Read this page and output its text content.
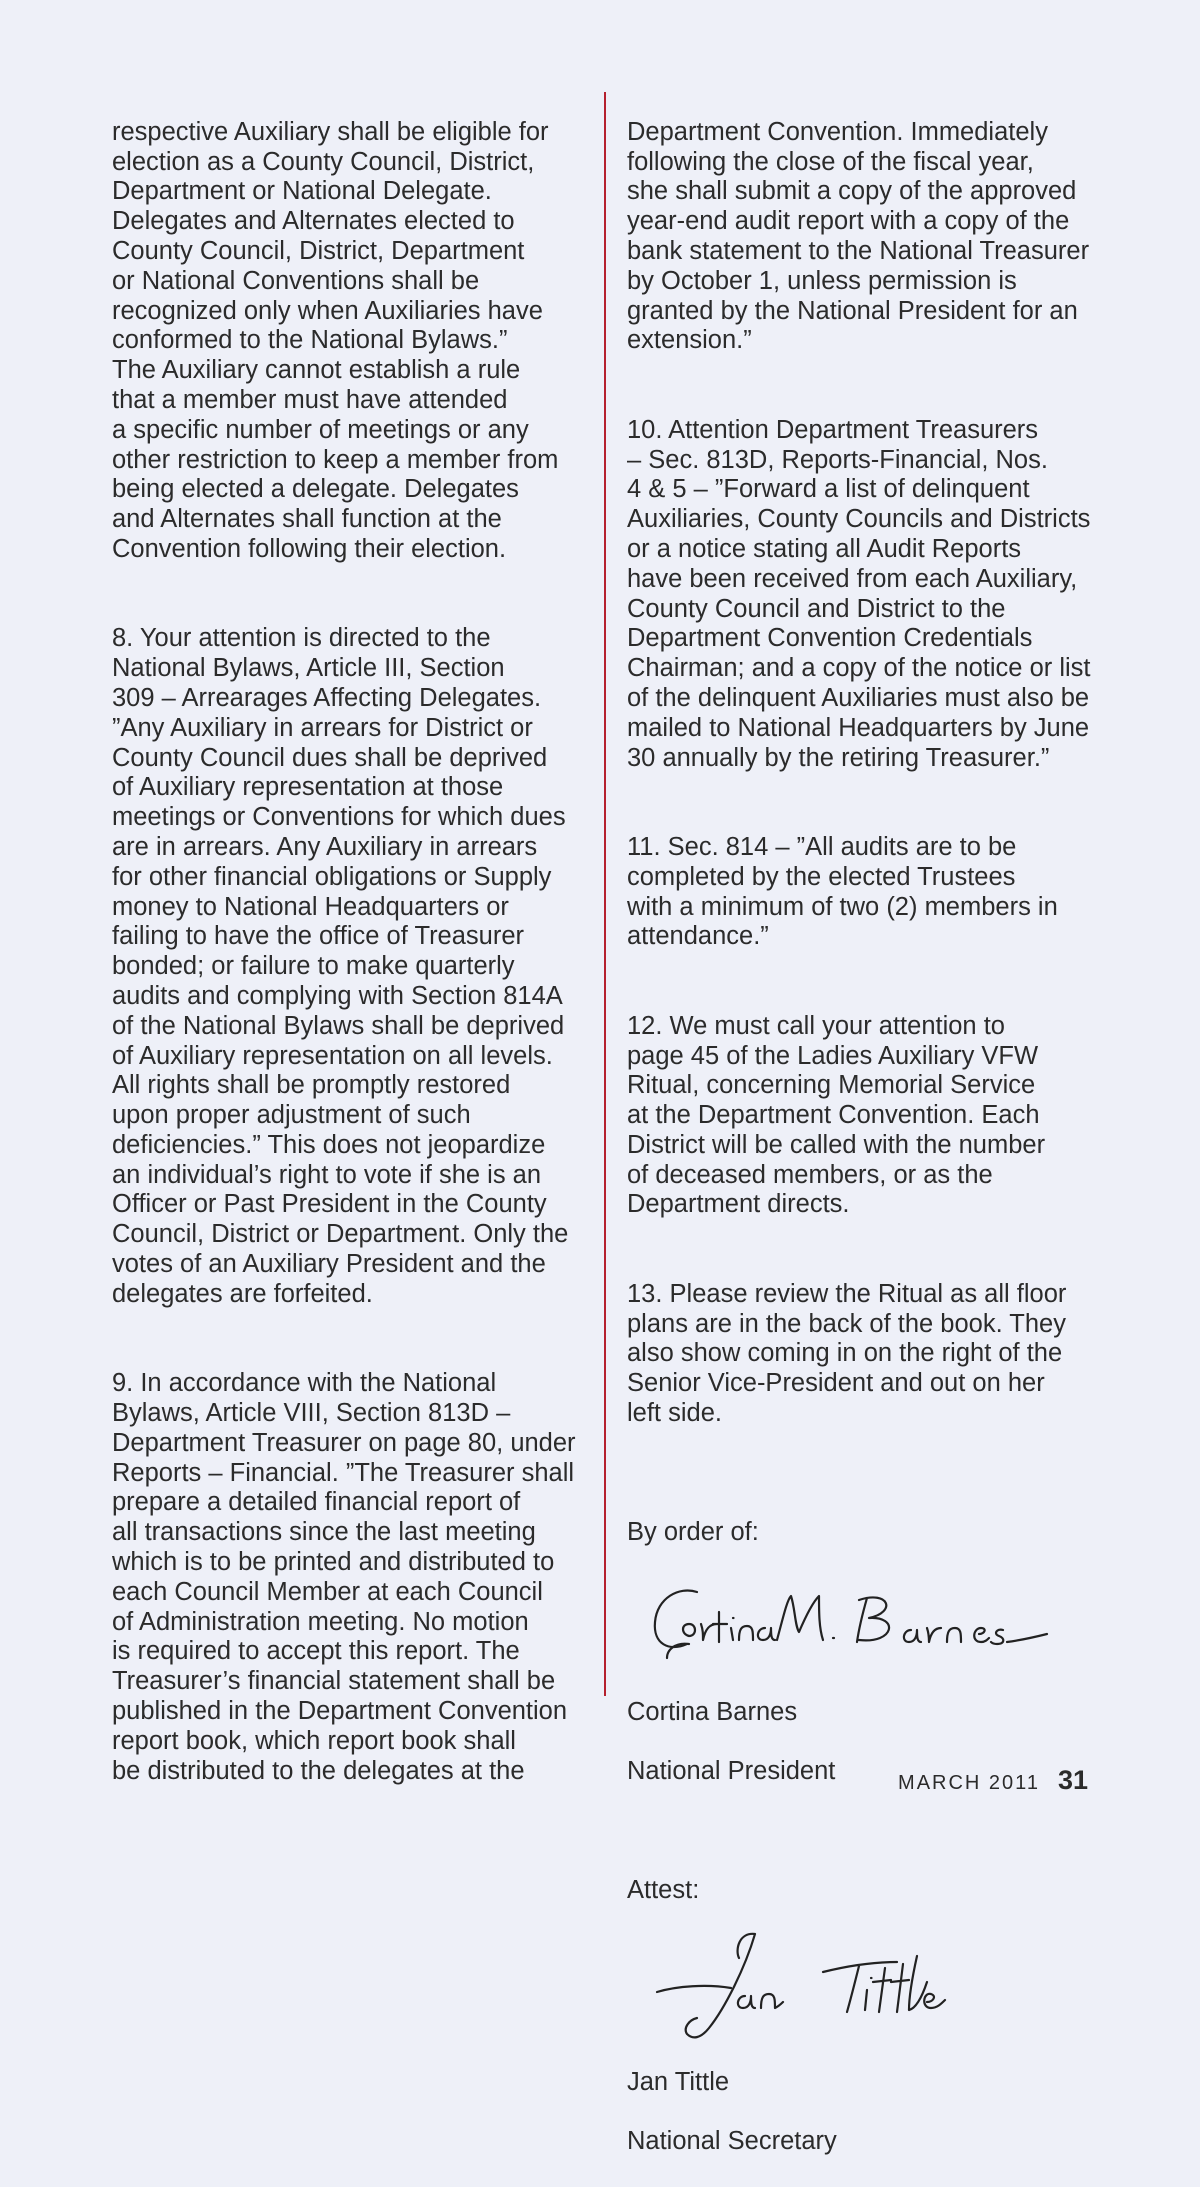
respective Auxiliary shall be eligible for
election as a County Council, District,
Department or National Delegate.
Delegates and Alternates elected to
County Council, District, Department
or National Conventions shall be
recognized only when Auxiliaries have
conformed to the National Bylaws.”
The Auxiliary cannot establish a rule
that a member must have attended
a specific number of meetings or any
other restriction to keep a member from
being elected a delegate. Delegates
and Alternates shall function at the
Convention following their election.

8. Your attention is directed to the
National Bylaws, Article III, Section
309 – Arrearages Affecting Delegates.
”Any Auxiliary in arrears for District or
County Council dues shall be deprived
of Auxiliary representation at those
meetings or Conventions for which dues
are in arrears. Any Auxiliary in arrears
for other financial obligations or Supply
money to National Headquarters or
failing to have the office of Treasurer
bonded; or failure to make quarterly
audits and complying with Section 814A
of the National Bylaws shall be deprived
of Auxiliary representation on all levels.
All rights shall be promptly restored
upon proper adjustment of such
deficiencies.” This does not jeopardize
an individual’s right to vote if she is an
Officer or Past President in the County
Council, District or Department. Only the
votes of an Auxiliary President and the
delegates are forfeited.

9. In accordance with the National
Bylaws, Article VIII, Section 813D –
Department Treasurer on page 80, under
Reports – Financial. ”The Treasurer shall
prepare a detailed financial report of
all transactions since the last meeting
which is to be printed and distributed to
each Council Member at each Council
of Administration meeting. No motion
is required to accept this report. The
Treasurer’s financial statement shall be
published in the Department Convention
report book, which report book shall
be distributed to the delegates at the

Department Convention. Immediately
following the close of the fiscal year,
she shall submit a copy of the approved
year-end audit report with a copy of the
bank statement to the National Treasurer
by October 1, unless permission is
granted by the National President for an
extension.”

10. Attention Department Treasurers
– Sec. 813D, Reports-Financial, Nos.
4 & 5 – ”Forward a list of delinquent
Auxiliaries, County Councils and Districts
or a notice stating all Audit Reports
have been received from each Auxiliary,
County Council and District to the
Department Convention Credentials
Chairman; and a copy of the notice or list
of the delinquent Auxiliaries must also be
mailed to National Headquarters by June
30 annually by the retiring Treasurer.”

11. Sec. 814 – ”All audits are to be
completed by the elected Trustees
with a minimum of two (2) members in
attendance.”

12. We must call your attention to
page 45 of the Ladies Auxiliary VFW
Ritual, concerning Memorial Service
at the Department Convention. Each
District will be called with the number
of deceased members, or as the
Department directs.

13. Please review the Ritual as all floor
plans are in the back of the book. They
also show coming in on the right of the
Senior Vice-President and out on her
left side.

By order of:

Cortina Barnes

National President

Attest:

Jan Tittle

National Secretary

MARCH 2011 31
